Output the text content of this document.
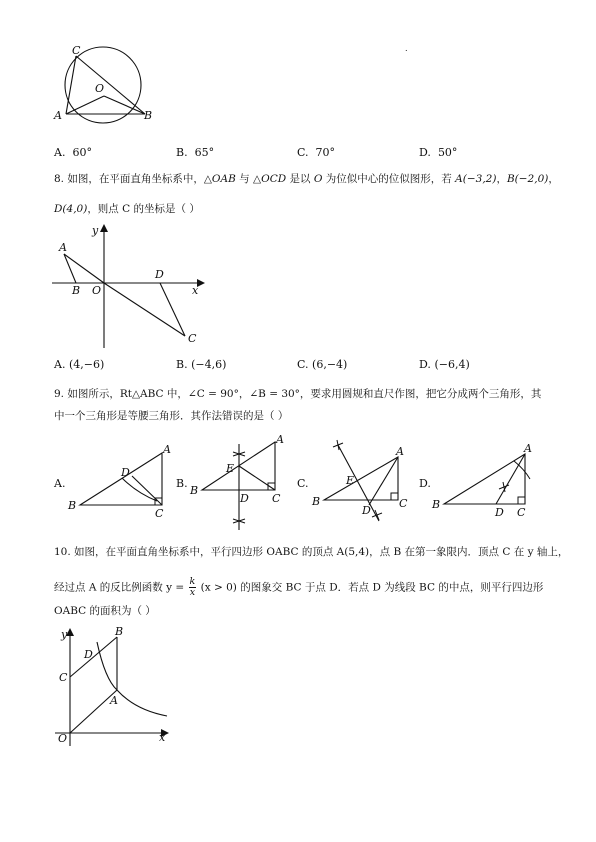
.
C
O
A	B
A. 60°	B. 65°	C. 70°	D. 50°
8. 如图，在平面直角坐标系中，△OAB 与 △OCD 是以 O 为位似中心的位似图形，若 A(−3,2)，B(−2,0)，
D(4,0)，则点 C 的坐标是（ ）
y
x
A
B O
D
C
A. (4,−6)	B. (−4,6)	C. (6,−4)	D. (−6,4)
9. 如图所示，Rt△ABC 中，∠C = 90°，∠B = 30°，要求用圆规和直尺作图，把它分成两个三角形，其
中一个三角形是等腰三角形．其作法错误的是（ ）
A.
A
B
C
D
B.
A
B
C
D
E
C.
A
B	C
D
E	D.
A
B
C
D
10. 如图，在平面直角坐标系中，平行四边形 OABC 的顶点 A(5,4)，点 B 在第一象限内．顶点 C 在 y 轴上，
经过点 A 的反比例函数 $y = \frac{k}{x} (x > 0)$ 的图象交 BC 于点 D．若点 D 为线段 BC 的中点，则平行四边形
OABC 的面积为（ ）
y
x
B
D
C
A
O
